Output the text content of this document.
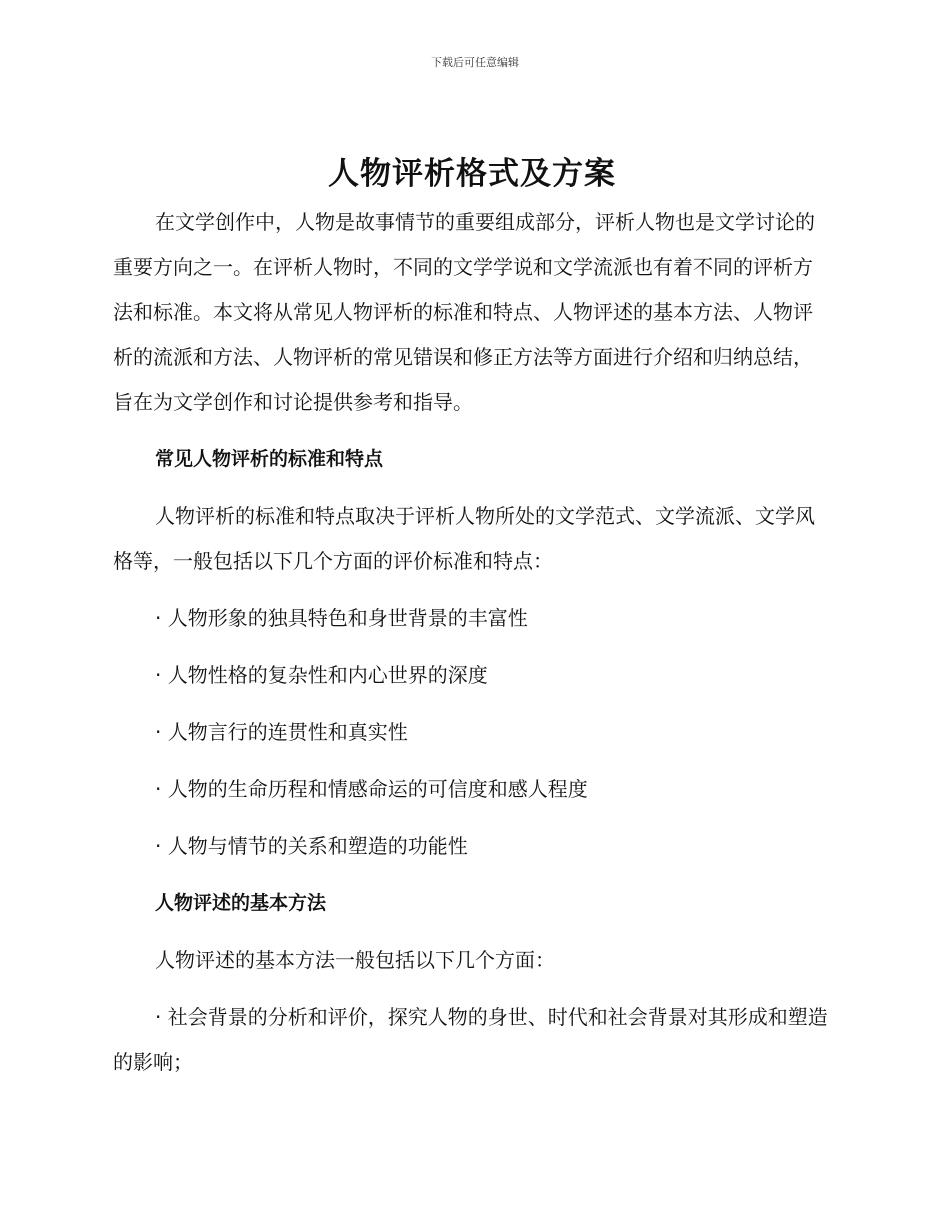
下载后可任意编辑
人物评析格式及方案

在文学创作中，人物是故事情节的重要组成部分，评析人物也是文学讨论的重要方向之一。在评析人物时，不同的文学学说和文学流派也有着不同的评析方法和标准。本文将从常见人物评析的标准和特点、人物评述的基本方法、人物评析的流派和方法、人物评析的常见错误和修正方法等方面进行介绍和归纳总结，旨在为文学创作和讨论提供参考和指导。

常见人物评析的标准和特点

人物评析的标准和特点取决于评析人物所处的文学范式、文学流派、文学风格等，一般包括以下几个方面的评价标准和特点：

· 人物形象的独具特色和身世背景的丰富性

· 人物性格的复杂性和内心世界的深度

· 人物言行的连贯性和真实性

· 人物的生命历程和情感命运的可信度和感人程度

· 人物与情节的关系和塑造的功能性

人物评述的基本方法

人物评述的基本方法一般包括以下几个方面：

· 社会背景的分析和评价，探究人物的身世、时代和社会背景对其形成和塑造的影响；
